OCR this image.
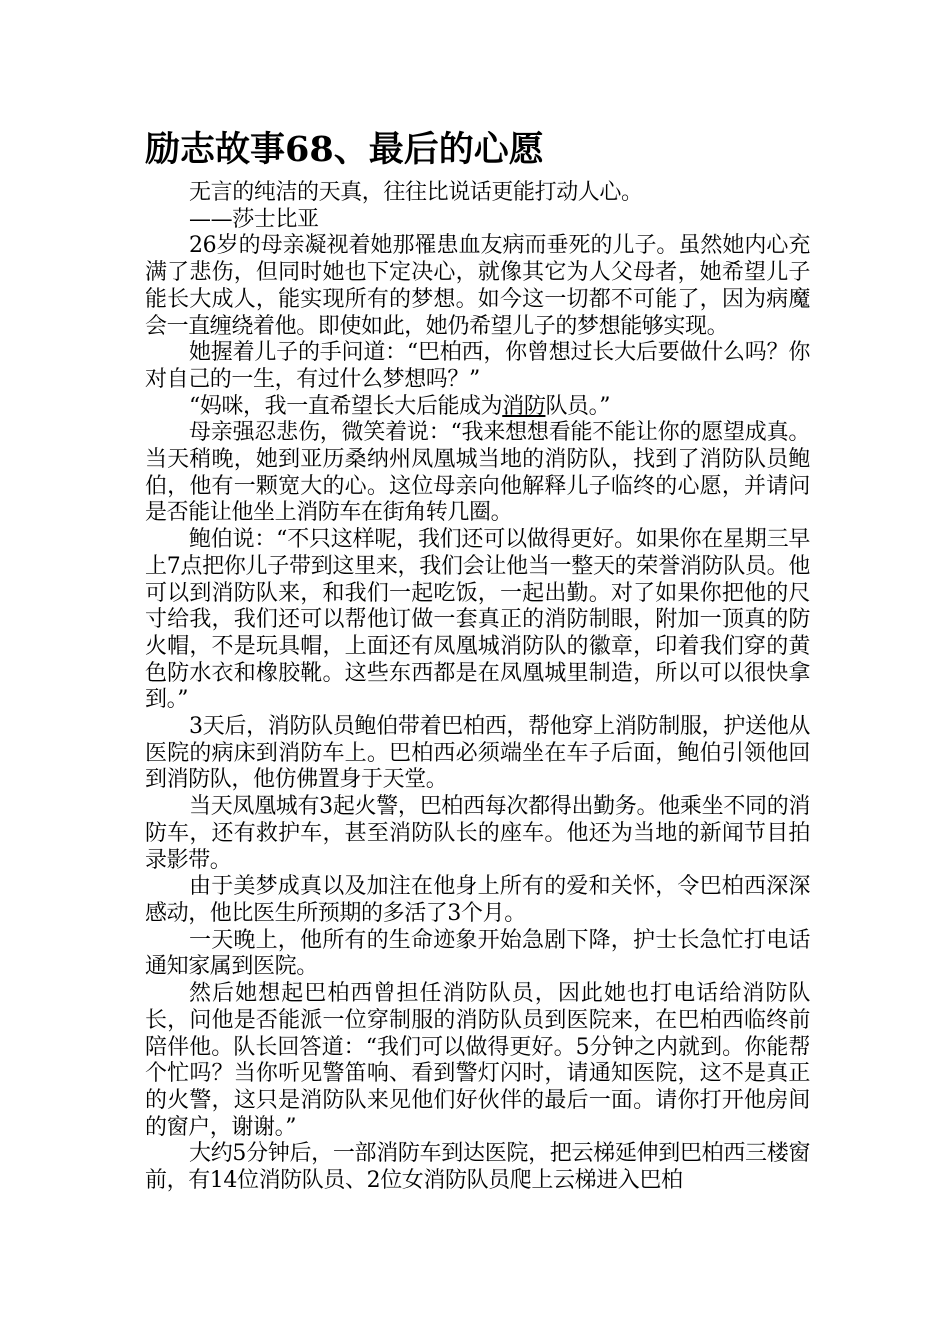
励志故事68、最后的心愿

无言的纯洁的天真，往往比说话更能打动人心。

——莎士比亚

26岁的母亲凝视着她那罹患血友病而垂死的儿子。虽然她内心充满了悲伤，但同时她也下定决心，就像其它为人父母者，她希望儿子能长大成人，能实现所有的梦想。如今这一切都不可能了，因为病魔会一直缠绕着他。即使如此，她仍希望儿子的梦想能够实现。

她握着儿子的手问道：“巴柏西，你曾想过长大后要做什么吗？你对自己的一生，有过什么梦想吗？”

“妈咪，我一直希望长大后能成为消防队员。”

母亲强忍悲伤，微笑着说：“我来想想看能不能让你的愿望成真。当天稍晚，她到亚历桑纳州凤凰城当地的消防队，找到了消防队员鲍伯，他有一颗宽大的心。这位母亲向他解释儿子临终的心愿，并请问是否能让他坐上消防车在街角转几圈。

鲍伯说：“不只这样呢，我们还可以做得更好。如果你在星期三早上7点把你儿子带到这里来，我们会让他当一整天的荣誉消防队员。他可以到消防队来，和我们一起吃饭，一起出勤。对了如果你把他的尺寸给我，我们还可以帮他订做一套真正的消防制眼，附加一顶真的防火帽，不是玩具帽，上面还有凤凰城消防队的徽章，印着我们穿的黄色防水衣和橡胶靴。这些东西都是在凤凰城里制造，所以可以很快拿到。”

3天后，消防队员鲍伯带着巴柏西，帮他穿上消防制服，护送他从医院的病床到消防车上。巴柏西必须端坐在车子后面，鲍伯引领他回到消防队，他仿佛置身于天堂。

当天凤凰城有3起火警，巴柏西每次都得出勤务。他乘坐不同的消防车，还有救护车，甚至消防队长的座车。他还为当地的新闻节目拍录影带。

由于美梦成真以及加注在他身上所有的爱和关怀，令巴柏西深深感动，他比医生所预期的多活了3个月。

一天晚上，他所有的生命迹象开始急剧下降，护士长急忙打电话通知家属到医院。

然后她想起巴柏西曾担任消防队员，因此她也打电话给消防队长，问他是否能派一位穿制服的消防队员到医院来，在巴柏西临终前陪伴他。队长回答道：“我们可以做得更好。5分钟之内就到。你能帮个忙吗？当你听见警笛响、看到警灯闪时，请通知医院，这不是真正的火警，这只是消防队来见他们好伙伴的最后一面。请你打开他房间的窗户，谢谢。”

大约5分钟后，一部消防车到达医院，把云梯延伸到巴柏西三楼窗前，有14位消防队员、2位女消防队员爬上云梯进入巴柏
